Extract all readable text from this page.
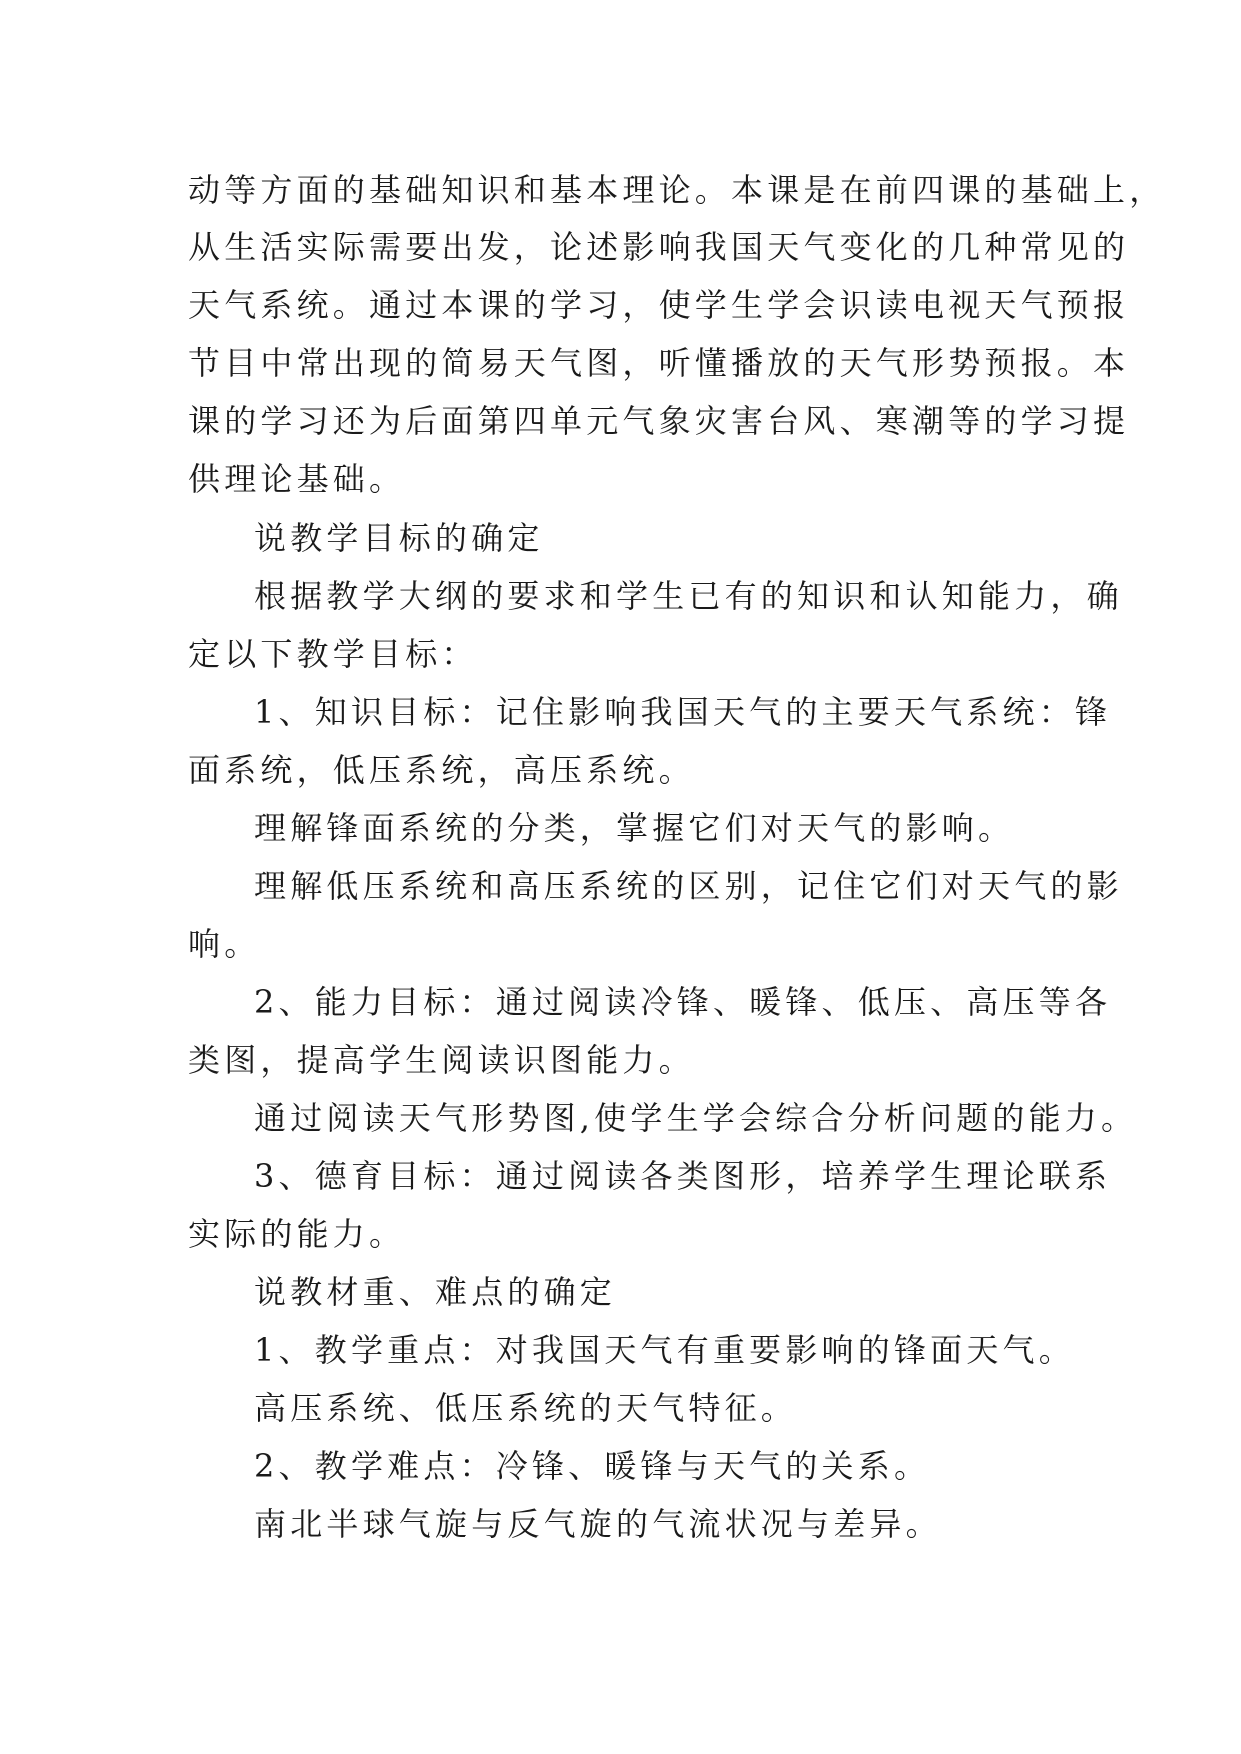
动等方面的基础知识和基本理论。本课是在前四课的基础上，
从生活实际需要出发，论述影响我国天气变化的几种常见的
天气系统。通过本课的学习，使学生学会识读电视天气预报
节目中常出现的简易天气图，听懂播放的天气形势预报。本
课的学习还为后面第四单元气象灾害台风、寒潮等的学习提
供理论基础。
说教学目标的确定
根据教学大纲的要求和学生已有的知识和认知能力，确
定以下教学目标：
1、知识目标：记住影响我国天气的主要天气系统：锋
面系统，低压系统，高压系统。
理解锋面系统的分类，掌握它们对天气的影响。
理解低压系统和高压系统的区别，记住它们对天气的影
响。
2、能力目标：通过阅读冷锋、暖锋、低压、高压等各
类图，提高学生阅读识图能力。
通过阅读天气形势图,使学生学会综合分析问题的能力。
3、德育目标：通过阅读各类图形，培养学生理论联系
实际的能力。
说教材重、难点的确定
1、教学重点：对我国天气有重要影响的锋面天气。
高压系统、低压系统的天气特征。
2、教学难点：冷锋、暖锋与天气的关系。
南北半球气旋与反气旋的气流状况与差异。
